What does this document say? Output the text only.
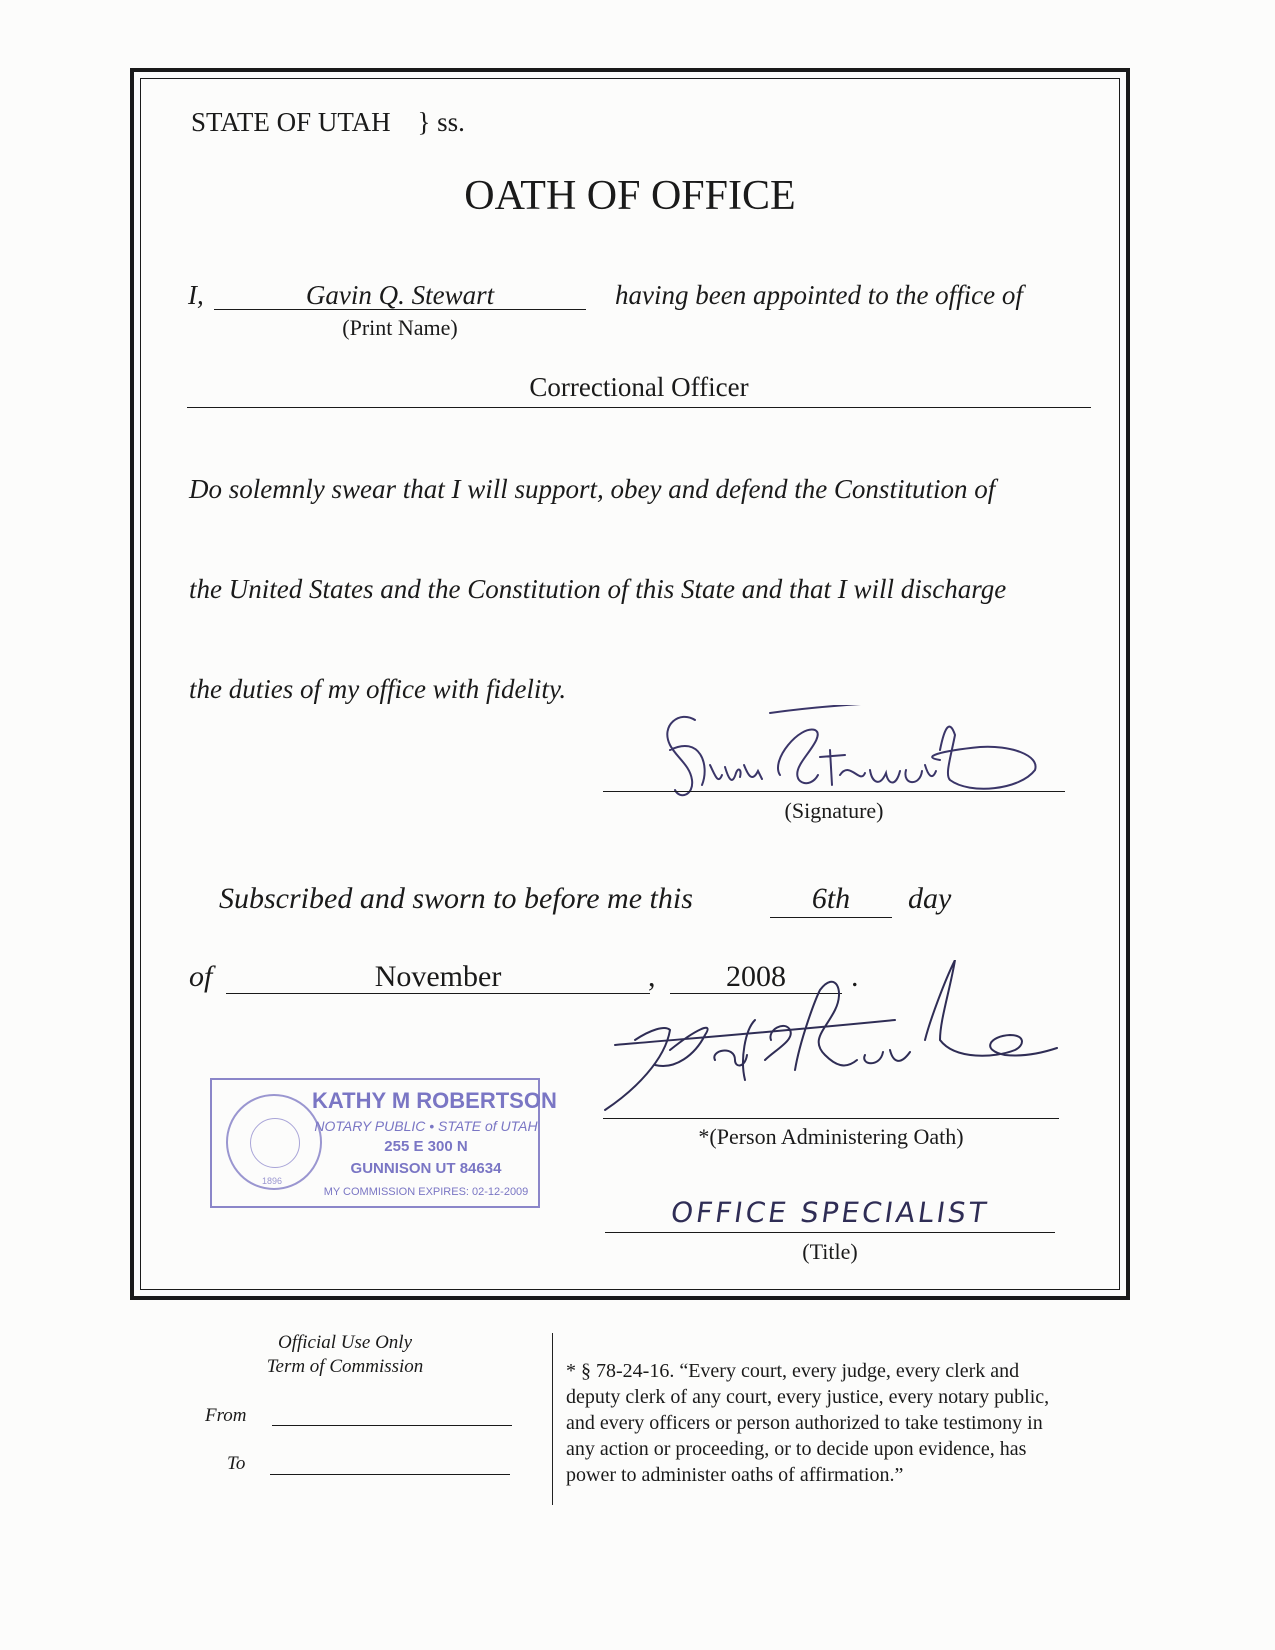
STATE OF UTAH } ss.
OATH OF OFFICE
I,	Gavin Q. Stewart
(Print Name)
having been appointed to the office of
Correctional Officer
Do solemnly swear that I will support, obey and defend the Constitution of
the United States and the Constitution of this State and that I will discharge
the duties of my office with fidelity.
(Signature)
Subscribed and sworn to before me this	6th	day
of	November	,	2008	.
1896
KATHY M ROBERTSON
NOTARY PUBLIC • STATE of UTAH
255 E 300 N
GUNNISON UT 84634
MY COMMISSION EXPIRES: 02-12-2009
*(Person Administering Oath)
OFFICE SPECIALIST
(Title)
Official Use Only
Term of Commission
From
To
* § 78-24-16. “Every court, every judge, every clerk and
deputy clerk of any court, every justice, every notary public,
and every officers or person authorized to take testimony in
any action or proceeding, or to decide upon evidence, has
power to administer oaths of affirmation.”
